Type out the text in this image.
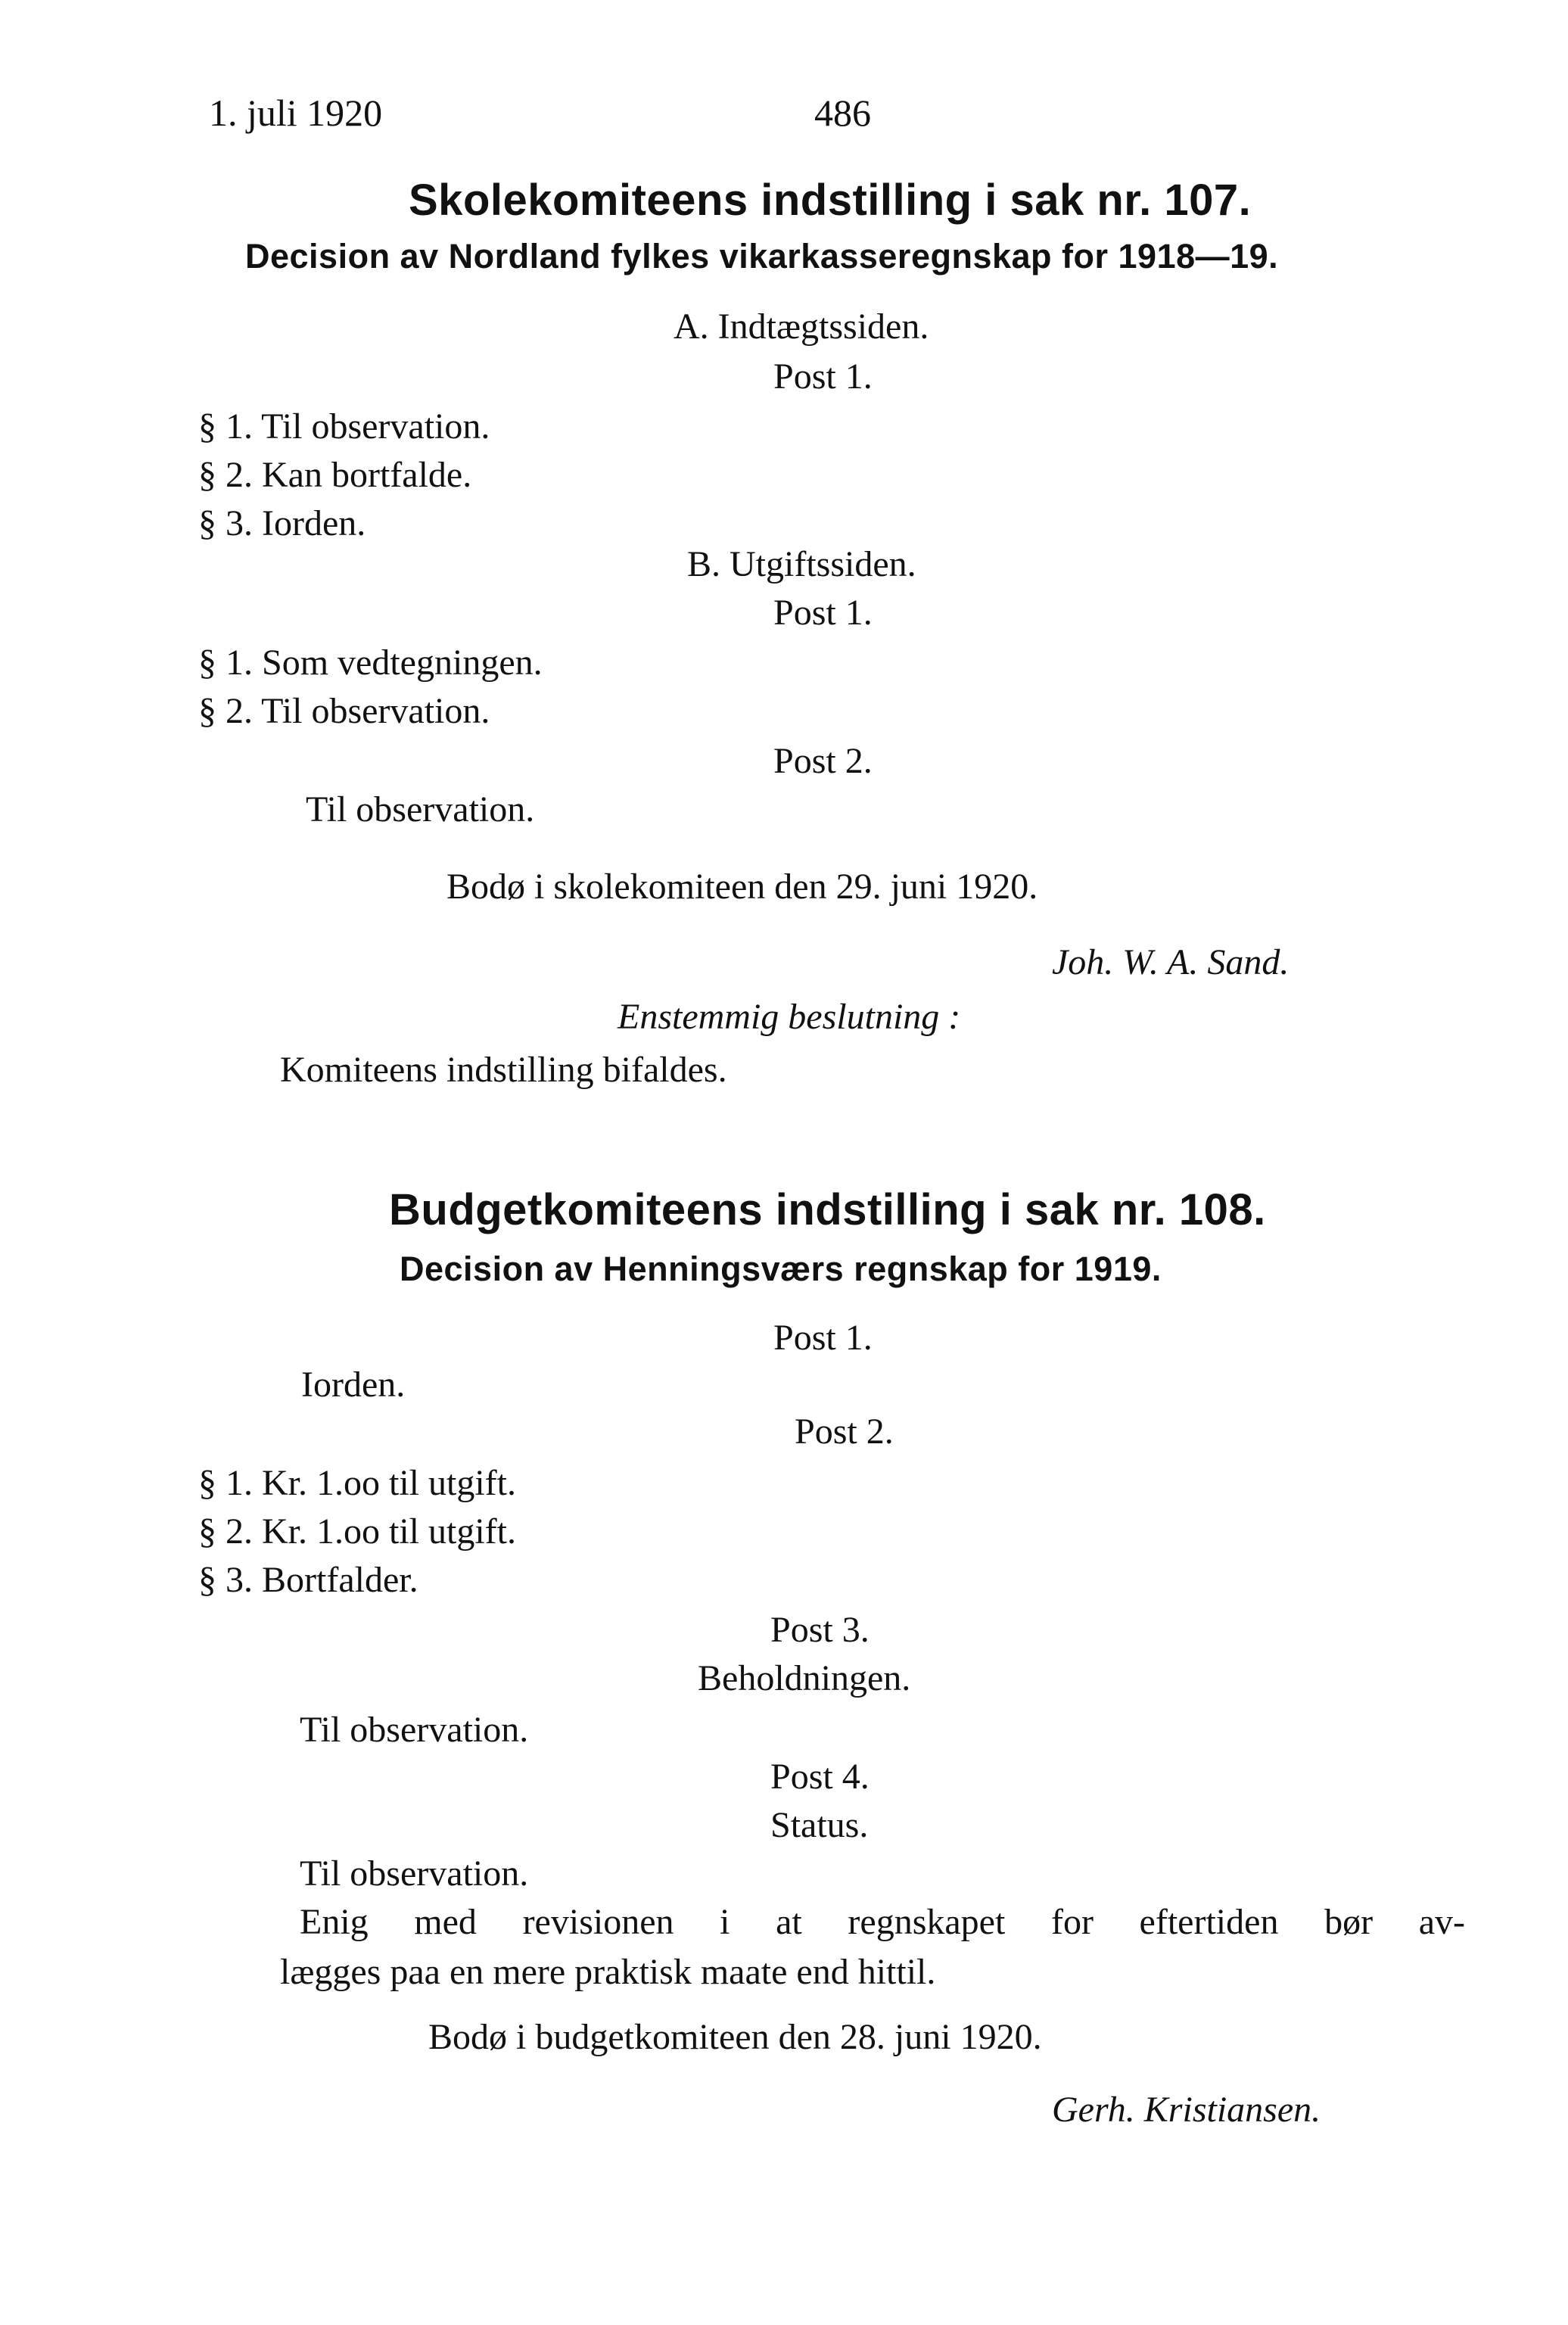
1. juli 1920	486
Skolekomiteens indstilling i sak nr. 107.
Decision av Nordland fylkes vikarkasseregnskap for 1918—19.
A. Indtægtssiden.
Post 1.
§ 1. Til observation.
§ 2. Kan bortfalde.
§ 3. Iorden.
B. Utgiftssiden.
Post 1.
§ 1. Som vedtegningen.
§ 2. Til observation.
Post 2.
Til observation.
Bodø i skolekomiteen den 29. juni 1920.
Joh. W. A. Sand.
Enstemmig beslutning :
Komiteens indstilling bifaldes.
Budgetkomiteens indstilling i sak nr. 108.
Decision av Henningsværs regnskap for 1919.
Post 1.
Iorden.
Post 2.
§ 1. Kr. 1.oo til utgift.
§ 2. Kr. 1.oo til utgift.
§ 3. Bortfalder.
Post 3.
Beholdningen.
Til observation.
Post 4.
Status.
Til observation.
Enig med revisionen i at regnskapet for eftertiden bør av-
lægges paa en mere praktisk maate end hittil.
Bodø i budgetkomiteen den 28. juni 1920.
Gerh. Kristiansen.
